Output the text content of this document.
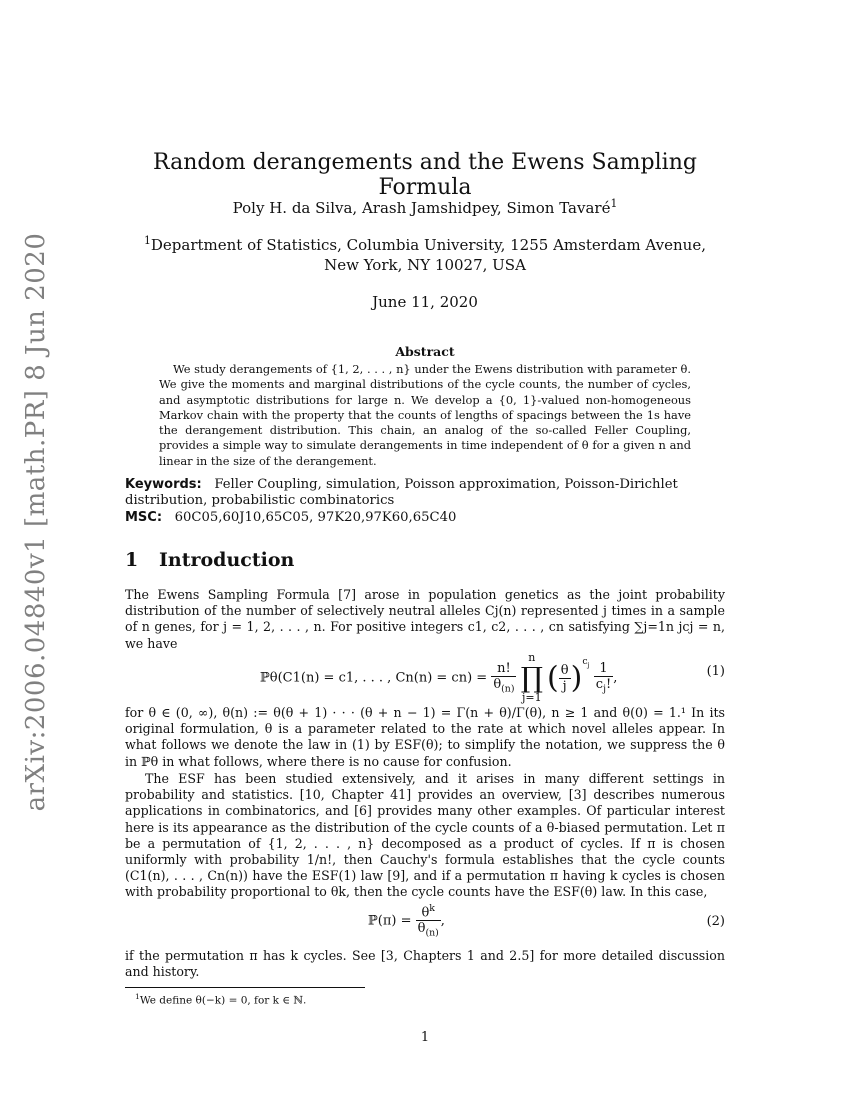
arXiv:2006.04840v1 [math.PR] 8 Jun 2020
Random derangements and the Ewens Sampling Formula
Poly H. da Silva, Arash Jamshidpey, Simon Tavaré$^1$
$^1$Department of Statistics, Columbia University, 1255 Amsterdam Avenue, New York, NY 10027, USA
June 11, 2020
Abstract
We study derangements of {1, 2, . . . , n} under the Ewens distribution with parameter θ. We give the moments and marginal distributions of the cycle counts, the number of cycles, and asymptotic distributions for large n. We develop a {0, 1}-valued non-homogeneous Markov chain with the property that the counts of lengths of spacings between the 1s have the derangement distribution. This chain, an analog of the so-called Feller Coupling, provides a simple way to simulate derangements in time independent of θ for a given n and linear in the size of the derangement.
Keywords: Feller Coupling, simulation, Poisson approximation, Poisson-Dirichlet distribution, probabilistic combinatorics
MSC: 60C05,60J10,65C05, 97K20,97K60,65C40
1 Introduction
The Ewens Sampling Formula [7] arose in population genetics as the joint probability distribution of the number of selectively neutral alleles Cj(n) represented j times in a sample of n genes, for j = 1, 2, . . . , n. For positive integers c1, c2, . . . , cn satisfying ∑j=1n jcj = n, we have
ℙθ(C1(n) = c1, . . . , $Cn(n) = cn) = \frac{n!}{\theta_{(n)}}$
n
∏
j=1 ( $\frac{\theta}{j} )^{c_j} \frac{1}{c_j!}$ ,	(1)
for θ ∈ (0, ∞), θ(n) := θ(θ + 1) · · · (θ + n − 1) = Γ(n + θ)/Γ(θ), n ≥ 1 and θ(0) = 1.¹ In its original formulation, θ is a parameter related to the rate at which novel alleles appear. In what follows we denote the law in (1) by ESF(θ); to simplify the notation, we suppress the θ in ℙθ in what follows, where there is no cause for confusion.
The ESF has been studied extensively, and it arises in many different settings in probability and statistics. [10, Chapter 41] provides an overview, [3] describes numerous applications in combinatorics, and [6] provides many other examples. Of particular interest here is its appearance as the distribution of the cycle counts of a θ-biased permutation. Let π be a permutation of {1, 2, . . . , n} decomposed as a product of cycles. If π is chosen uniformly with probability 1/n!, then Cauchy's formula establishes that the cycle counts (C1(n), . . . , Cn(n)) have the ESF(1) law [9], and if a permutation π having k cycles is chosen with probability proportional to θk, then the cycle counts have the ESF(θ) law. In this case,
ℙ(π) = $\frac{\theta^k}{\theta_{(n)}}$ ,	(2)
if the permutation π has k cycles. See [3, Chapters 1 and 2.5] for more detailed discussion and history.
$^1$We define θ(−k) = 0, for k ∈ ℕ.
1
